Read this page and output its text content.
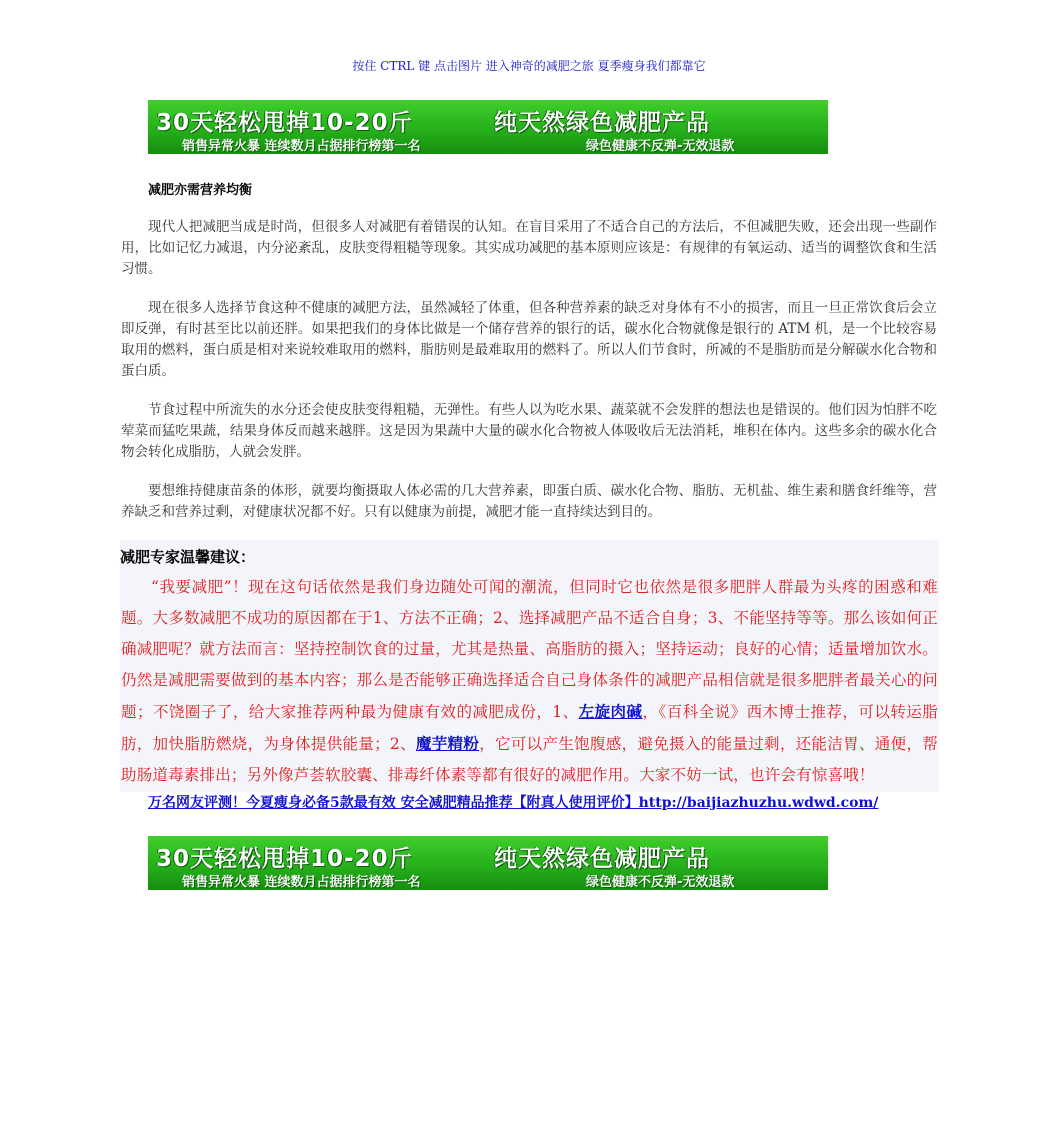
按住 CTRL 键 点击图片 进入神奇的减肥之旅 夏季瘦身我们都靠它
30天轻松甩掉10-20斤
销售异常火暴 连续数月占据排行榜第一名
纯天然绿色减肥产品
绿色健康不反弹-无效退款
减肥亦需营养均衡

现代人把减肥当成是时尚，但很多人对减肥有着错误的认知。在盲目采用了不适合自己的方法后，不但减肥失败，还会出现一些副作用，比如记忆力减退，内分泌紊乱，皮肤变得粗糙等现象。其实成功减肥的基本原则应该是：有规律的有氧运动、适当的调整饮食和生活习惯。

现在很多人选择节食这种不健康的减肥方法，虽然减轻了体重，但各种营养素的缺乏对身体有不小的损害，而且一旦正常饮食后会立即反弹，有时甚至比以前还胖。如果把我们的身体比做是一个储存营养的银行的话，碳水化合物就像是银行的 ATM 机，是一个比较容易取用的燃料，蛋白质是相对来说较难取用的燃料，脂肪则是最难取用的燃料了。所以人们节食时，所减的不是脂肪而是分解碳水化合物和蛋白质。

节食过程中所流失的水分还会使皮肤变得粗糙，无弹性。有些人以为吃水果、蔬菜就不会发胖的想法也是错误的。他们因为怕胖不吃荤菜而猛吃果蔬，结果身体反而越来越胖。这是因为果蔬中大量的碳水化合物被人体吸收后无法消耗，堆积在体内。这些多余的碳水化合物会转化成脂肪，人就会发胖。

要想维持健康苗条的体形，就要均衡摄取人体必需的几大营养素，即蛋白质、碳水化合物、脂肪、无机盐、维生素和膳食纤维等，营养缺乏和营养过剩，对健康状况都不好。只有以健康为前提，减肥才能一直持续达到目的。

减肥专家温馨建议：

“我要减肥”！现在这句话依然是我们身边随处可闻的潮流，但同时它也依然是很多肥胖人群最为头疼的困惑和难题。大多数减肥不成功的原因都在于1、方法不正确；2、选择减肥产品不适合自身；3、不能坚持等等。那么该如何正确减肥呢？就方法而言：坚持控制饮食的过量，尤其是热量、高脂肪的摄入；坚持运动；良好的心情；适量增加饮水。仍然是减肥需要做到的基本内容；那么是否能够正确选择适合自己身体条件的减肥产品相信就是很多肥胖者最关心的问题；不饶圈子了，给大家推荐两种最为健康有效的减肥成份，1、左旋肉碱，《百科全说》西木博士推荐，可以转运脂肪，加快脂肪燃烧，为身体提供能量；2、魔芋精粉，它可以产生饱腹感，避免摄入的能量过剩，还能洁胃、通便，帮助肠道毒素排出；另外像芦荟软胶囊、排毒纤体素等都有很好的减肥作用。大家不妨一试，也许会有惊喜哦！

万名网友评测！今夏瘦身必备5款最有效 安全减肥精品推荐【附真人使用评价】http://baijiazhuzhu.wdwd.com/
30天轻松甩掉10-20斤
销售异常火暴 连续数月占据排行榜第一名
纯天然绿色减肥产品
绿色健康不反弹-无效退款
